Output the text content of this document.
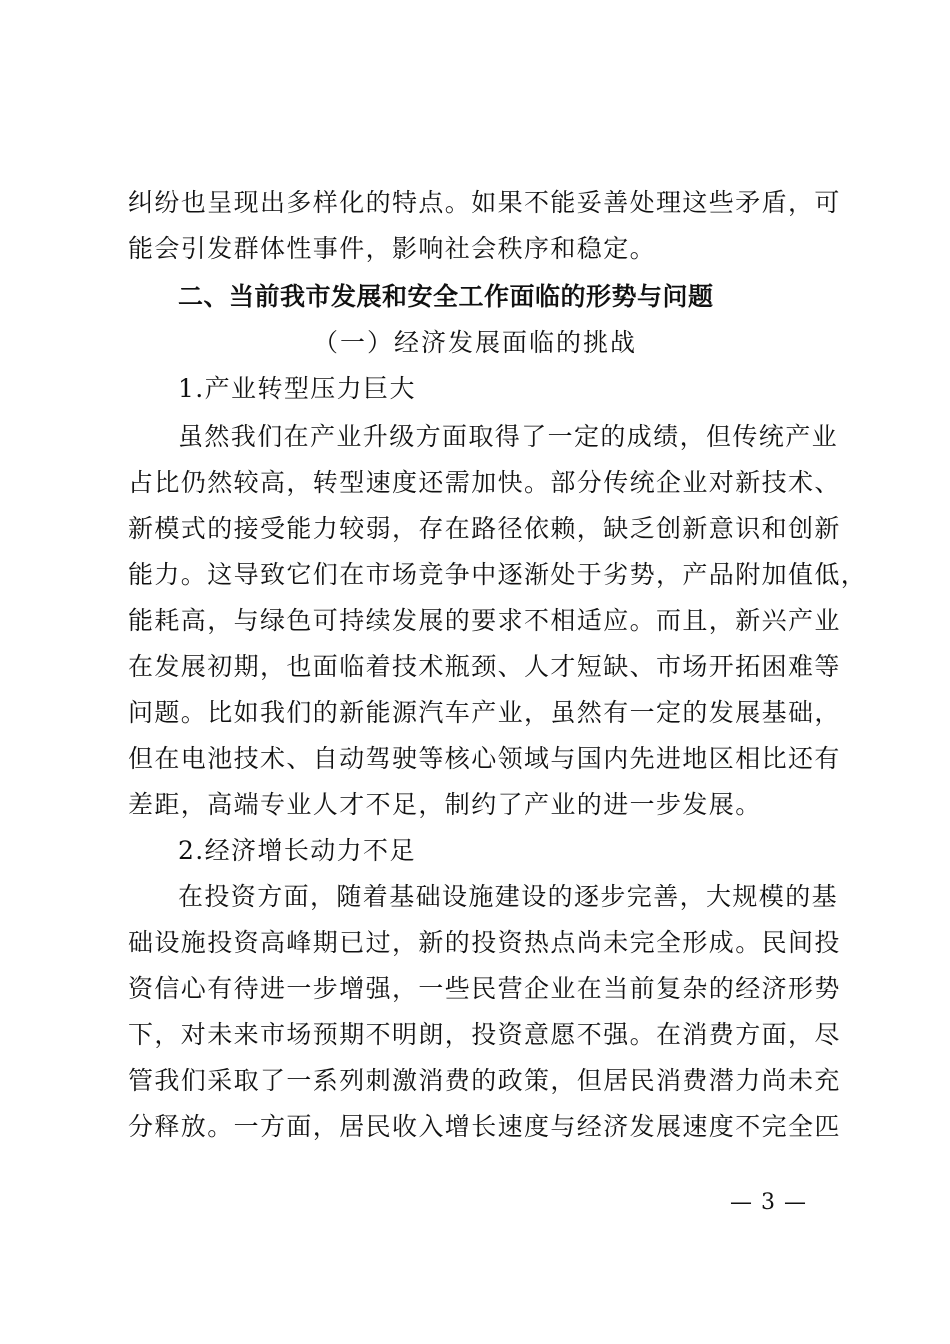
纠纷也呈现出多样化的特点。如果不能妥善处理这些矛盾，可
能会引发群体性事件，影响社会秩序和稳定。
二、当前我市发展和安全工作面临的形势与问题
（一）经济发展面临的挑战
1.产业转型压力巨大
虽然我们在产业升级方面取得了一定的成绩，但传统产业
占比仍然较高，转型速度还需加快。部分传统企业对新技术、
新模式的接受能力较弱，存在路径依赖，缺乏创新意识和创新
能力。这导致它们在市场竞争中逐渐处于劣势，产品附加值低，
能耗高，与绿色可持续发展的要求不相适应。而且，新兴产业
在发展初期，也面临着技术瓶颈、人才短缺、市场开拓困难等
问题。比如我们的新能源汽车产业，虽然有一定的发展基础，
但在电池技术、自动驾驶等核心领域与国内先进地区相比还有
差距，高端专业人才不足，制约了产业的进一步发展。
2.经济增长动力不足
在投资方面，随着基础设施建设的逐步完善，大规模的基
础设施投资高峰期已过，新的投资热点尚未完全形成。民间投
资信心有待进一步增强，一些民营企业在当前复杂的经济形势
下，对未来市场预期不明朗，投资意愿不强。在消费方面，尽
管我们采取了一系列刺激消费的政策，但居民消费潜力尚未充
分释放。一方面，居民收入增长速度与经济发展速度不完全匹
— 3 —
